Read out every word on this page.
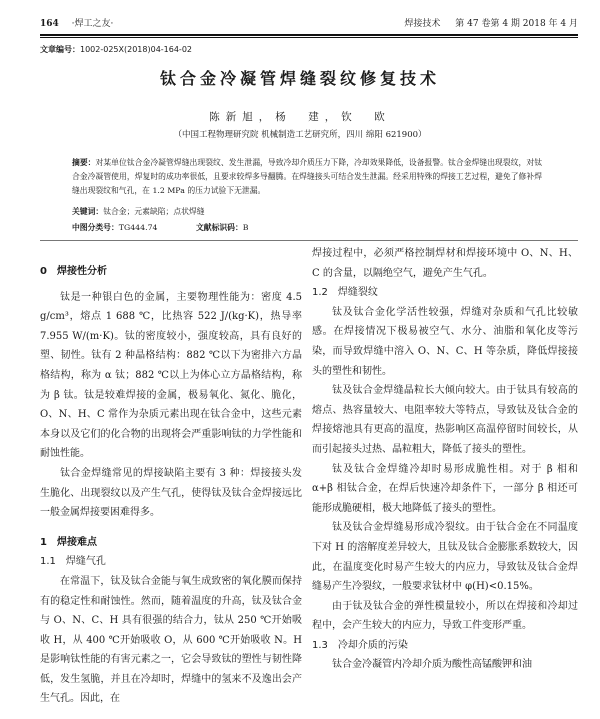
164 ·焊工之友·	焊接技术 第 47 卷第 4 期 2018 年 4 月
文章编号：1002-025X(2018)04-164-02
钛合金冷凝管焊缝裂纹修复技术
陈新旭，杨　建，钦　欧
（中国工程物理研究院 机械制造工艺研究所，四川 绵阳 621900）
摘要：对某单位钛合金冷凝管焊缝出现裂纹、发生泄漏，导致冷却介质压力下降，冷却效果降低，设备报警。钛合金焊缝出现裂纹，对钛合金冷凝管使用，焊复时的成功率很低，且要求较焊多导翻腾。在焊缝接头可结合发生泄漏。经采用特殊的焊接工艺过程，避免了修补焊缝出现裂纹和气孔，在 1.2 MPa 的压力试验下无泄漏。
关键词：钛合金；元素缺陷；点状焊缝
中图分类号：TG444.74	文献标识码：B
0　焊接性分析

钛是一种银白色的金属，主要物理性能为：密度 4.5 g/cm³，熔点 1 688 ℃，比热容 522 J/(kg·K)，热导率 7.955 W/(m·K)。钛的密度较小，强度较高，具有良好的塑、韧性。钛有 2 种晶格结构：882 ℃以下为密排六方晶格结构，称为 α 钛；882 ℃以上为体心立方晶格结构，称为 β 钛。钛是较难焊接的金属，极易氧化、氮化、脆化，O、N、H、C 常作为杂质元素出现在钛合金中，这些元素本身以及它们的化合物的出现将会严重影响钛的力学性能和耐蚀性能。

钛合金焊缝常见的焊接缺陷主要有 3 种：焊接接头发生脆化、出现裂纹以及产生气孔，使得钛及钛合金焊接远比一般金属焊接要困难得多。

1　焊接难点
1.1　焊缝气孔

在常温下，钛及钛合金能与氧生成致密的氧化膜而保持有的稳定性和耐蚀性。然而，随着温度的升高，钛及钛合金与 O、N、C、H 具有很强的结合力，钛从 250 ℃开始吸收 H，从 400 ℃开始吸收 O，从 600 ℃开始吸收 N。H 是影响钛性能的有害元素之一，它会导致钛的塑性与韧性降低，发生氢脆，并且在冷却时，焊缝中的氢来不及逸出会产生气孔。因此，在

焊接过程中，必须严格控制焊材和焊接环境中 O、N、H、C 的含量，以隔绝空气，避免产生气孔。

1.2　焊缝裂纹

钛及钛合金化学活性较强，焊缝对杂质和气孔比较敏感。在焊接情况下极易被空气、水分、油脂和氧化皮等污染，而导致焊缝中溶入 O、N、C、H 等杂质，降低焊接接头的塑性和韧性。

钛及钛合金焊缝晶粒长大倾向较大。由于钛具有较高的熔点、热容量较大、电阻率较大等特点，导致钛及钛合金的焊接熔池具有更高的温度，热影响区高温停留时间较长，从而引起接头过热、晶粒粗大，降低了接头的塑性。

钛及钛合金焊缝冷却时易形成脆性相。对于 β 相和 α+β 相钛合金，在焊后快速冷却条件下，一部分 β 相还可能形成脆硬相，极大地降低了接头的塑性。

钛及钛合金焊缝易形成冷裂纹。由于钛合金在不同温度下对 H 的溶解度差异较大，且钛及钛合金膨胀系数较大，因此，在温度变化时易产生较大的内应力，导致钛及钛合金焊缝易产生冷裂纹，一般要求钛材中 φ(H)<0.15%。

由于钛及钛合金的弹性模量较小，所以在焊接和冷却过程中，会产生较大的内应力，导致工件变形严重。

1.3　冷却介质的污染

钛合金冷凝管内冷却介质为酸性高锰酸钾和油
